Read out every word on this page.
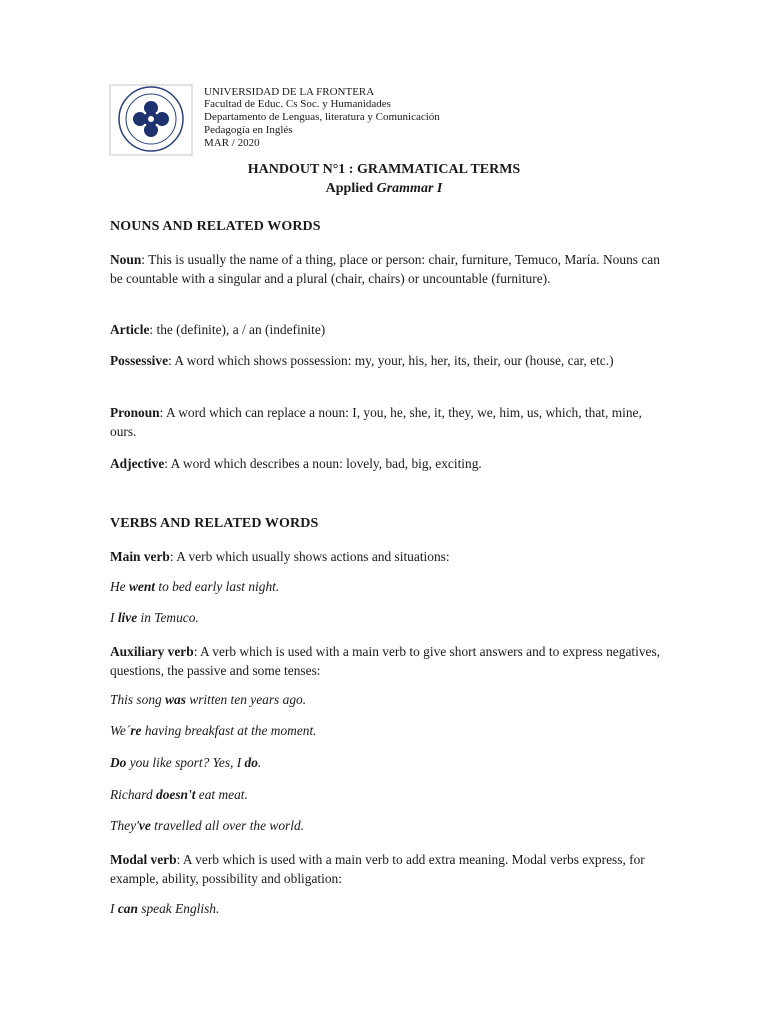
UNIVERSIDAD DE LA FRONTERA
Facultad de Educ. Cs Soc. y Humanidades
Departamento de Lenguas, literatura y Comunicación
Pedagogía en Inglés
MAR / 2020
HANDOUT N°1 : GRAMMATICAL TERMS
Applied Grammar I
NOUNS AND RELATED WORDS
Noun: This is usually the name of a thing, place or person: chair, furniture, Temuco, María. Nouns can be countable with a singular and a plural (chair, chairs) or uncountable (furniture).
Article: the (definite), a / an (indefinite)
Possessive: A word which shows possession: my, your, his, her, its, their, our (house, car, etc.)
Pronoun: A word which can replace a noun: I, you, he, she, it, they, we, him, us, which, that, mine, ours.
Adjective: A word which describes a noun: lovely, bad, big, exciting.
VERBS AND RELATED WORDS
Main verb: A verb which usually shows actions and situations:
He went to bed early last night.
I live in Temuco.
Auxiliary verb: A verb which is used with a main verb to give short answers and to express negatives, questions, the passive and some tenses:
This song was written ten years ago.
We´re having breakfast at the moment.
Do you like sport? Yes, I do.
Richard doesn't eat meat.
They've travelled all over the world.
Modal verb: A verb which is used with a main verb to add extra meaning. Modal verbs express, for example, ability, possibility and obligation:
I can speak English.
